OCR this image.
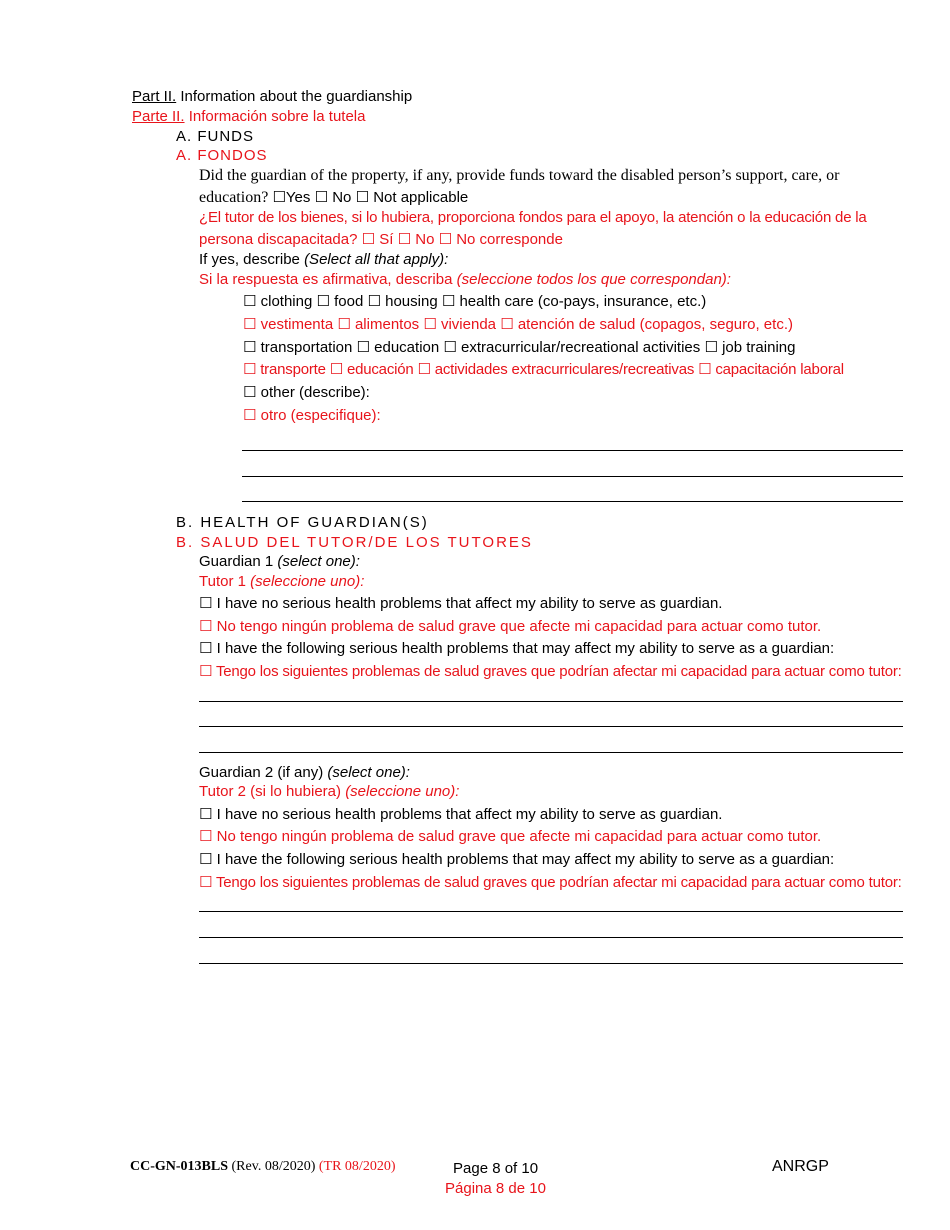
Part II. Information about the guardianship
Parte II. Información sobre la tutela
A. FUNDS
A. FONDOS
Did the guardian of the property, if any, provide funds toward the disabled person’s support, care, or
education? ☐Yes ☐ No ☐ Not applicable
¿El tutor de los bienes, si lo hubiera, proporciona fondos para el apoyo, la atención o la educación de la
persona discapacitada? ☐ Sí ☐ No ☐ No corresponde
If yes, describe (Select all that apply):
Si la respuesta es afirmativa, describa (seleccione todos los que correspondan):
☐ clothing ☐ food ☐ housing ☐ health care (co-pays, insurance, etc.)
☐ vestimenta ☐ alimentos ☐ vivienda ☐ atención de salud (copagos, seguro, etc.)
☐ transportation ☐ education ☐ extracurricular/recreational activities ☐ job training
☐ transporte ☐ educación ☐ actividades extracurriculares/recreativas ☐ capacitación laboral
☐ other (describe):
☐ otro (especifique):
B. HEALTH OF GUARDIAN(S)
B. SALUD DEL TUTOR/DE LOS TUTORES
Guardian 1 (select one):
Tutor 1 (seleccione uno):
☐ I have no serious health problems that affect my ability to serve as guardian.
☐ No tengo ningún problema de salud grave que afecte mi capacidad para actuar como tutor.
☐ I have the following serious health problems that may affect my ability to serve as a guardian:
☐ Tengo los siguientes problemas de salud graves que podrían afectar mi capacidad para actuar como tutor:
Guardian 2 (if any) (select one):
Tutor 2 (si lo hubiera) (seleccione uno):
☐ I have no serious health problems that affect my ability to serve as guardian.
☐ No tengo ningún problema de salud grave que afecte mi capacidad para actuar como tutor.
☐ I have the following serious health problems that may affect my ability to serve as a guardian:
☐ Tengo los siguientes problemas de salud graves que podrían afectar mi capacidad para actuar como tutor:
CC-GN-013BLS (Rev. 08/2020) (TR 08/2020)	Page 8 of 10
Página 8 de 10
ANRGP
